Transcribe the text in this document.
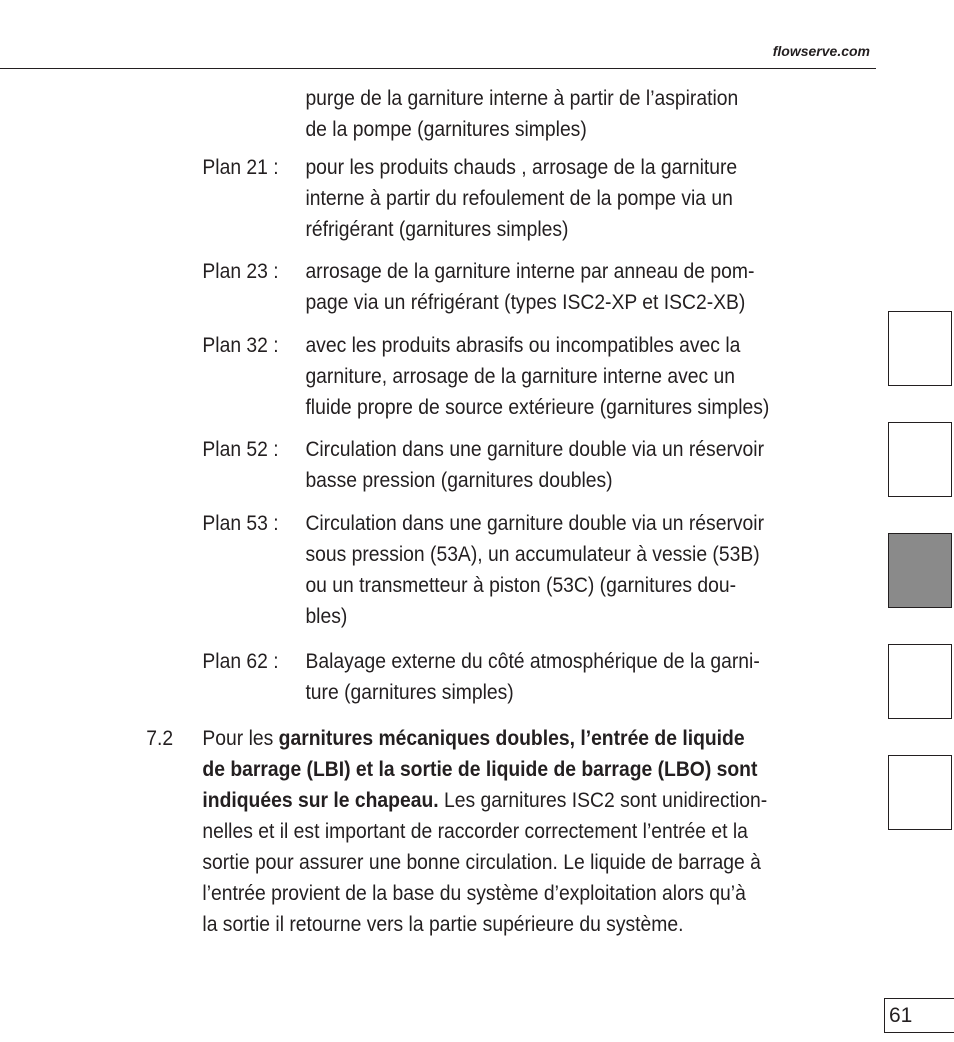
flowserve.com
purge de la garniture interne à partir de l’aspiration
de la pompe (garnitures simples)
Plan 21 : pour les produits chauds , arrosage de la garniture
interne à partir du refoulement de la pompe via un
réfrigérant (garnitures simples)
Plan 23 : arrosage de la garniture interne par anneau de pom-
page via un réfrigérant (types ISC2-XP et ISC2-XB)
Plan 32 : avec les produits abrasifs ou incompatibles avec la
garniture, arrosage de la garniture interne avec un
fluide propre de source extérieure (garnitures simples)
Plan 52 : Circulation dans une garniture double via un réservoir
basse pression (garnitures doubles)
Plan 53 : Circulation dans une garniture double via un réservoir
sous pression (53A), un accumulateur à vessie (53B)
ou un transmetteur à piston (53C) (garnitures dou-
bles)
Plan 62 : Balayage externe du côté atmosphérique de la garni-
ture (garnitures simples)
7.2 Pour les garnitures mécaniques doubles, l’entrée de liquide
de barrage (LBI) et la sortie de liquide de barrage (LBO) sont
indiquées sur le chapeau. Les garnitures ISC2 sont unidirection-
nelles et il est important de raccorder correctement l’entrée et la
sortie pour assurer une bonne circulation. Le liquide de barrage à
l’entrée provient de la base du système d’exploitation alors qu’à
la sortie il retourne vers la partie supérieure du système.
61
